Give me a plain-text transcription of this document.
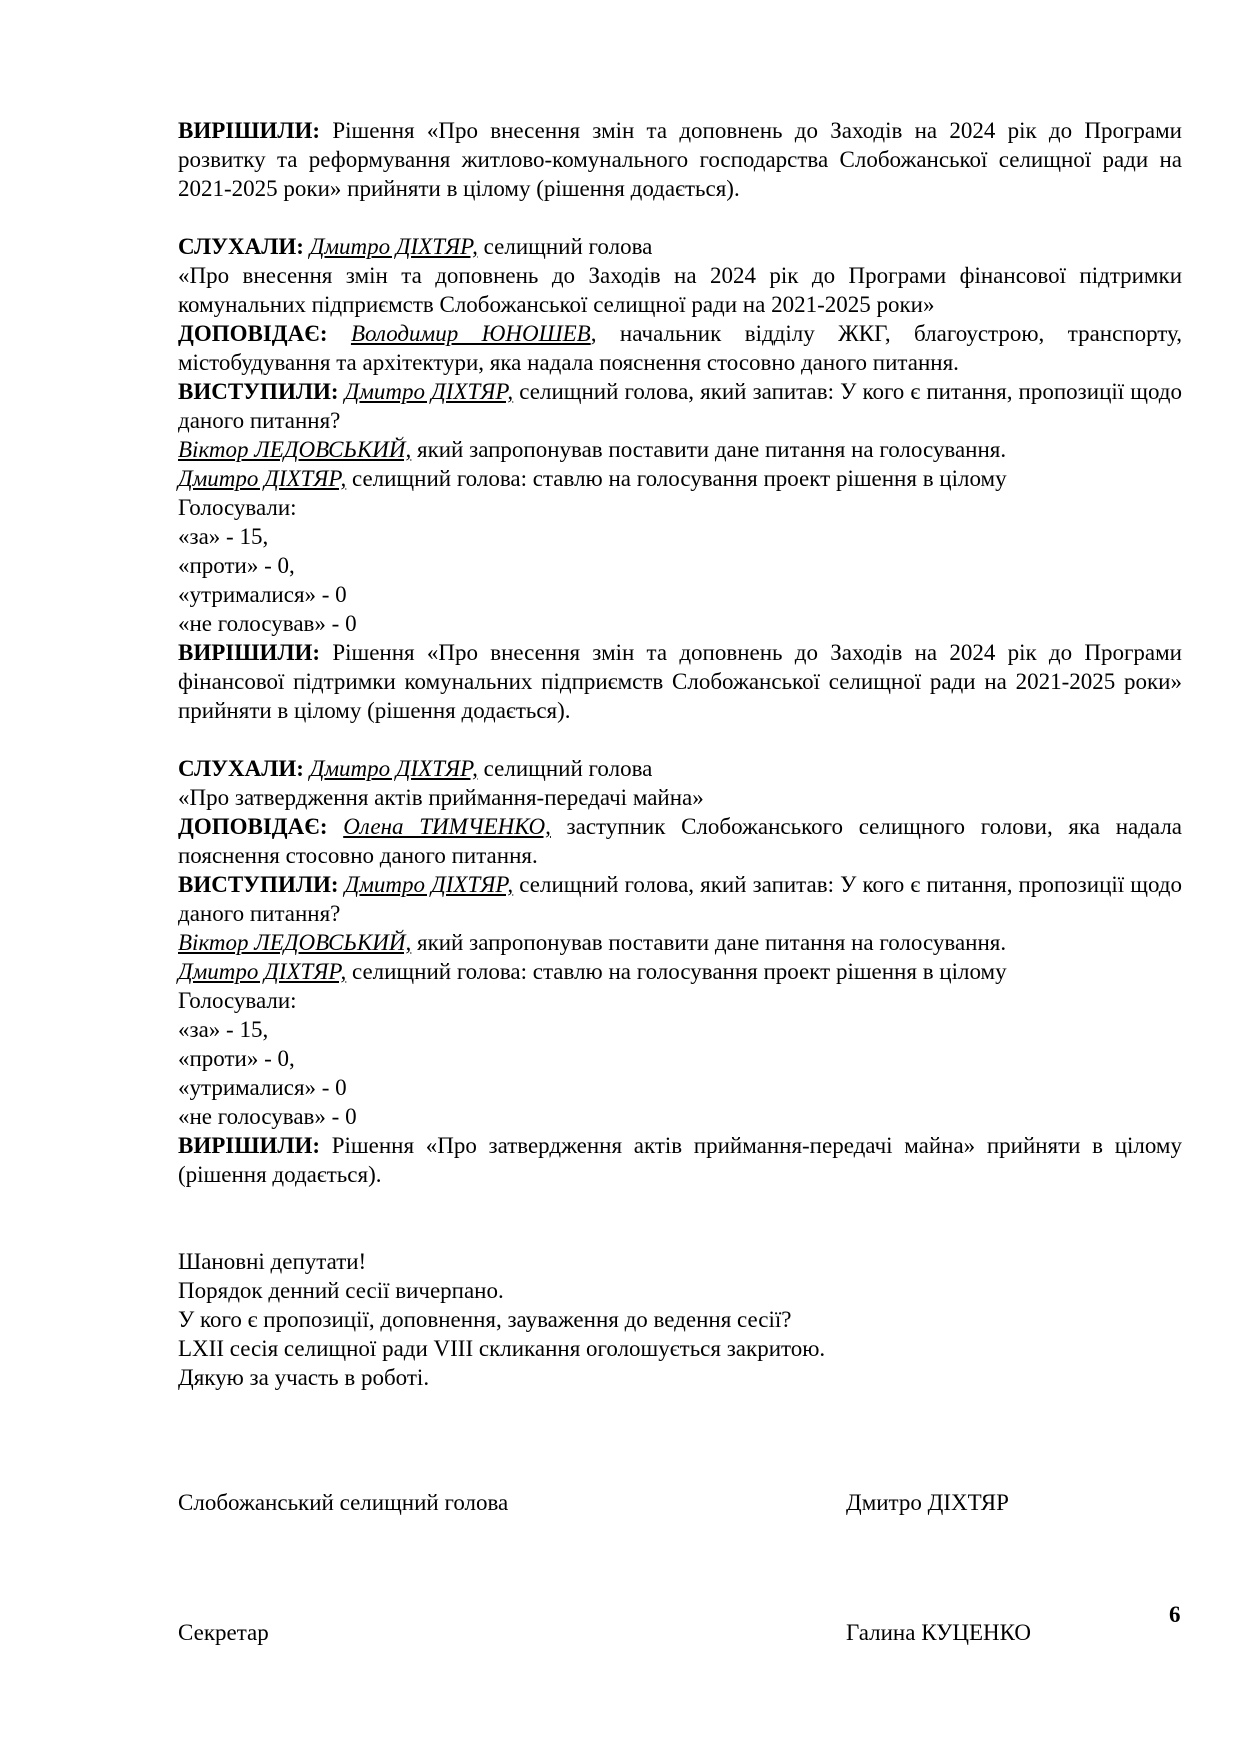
ВИРІШИЛИ: Рішення «Про внесення змін та доповнень до Заходів на 2024 рік до Програми розвитку та реформування житлово-комунального господарства Слобожанської селищної ради на 2021-2025 роки» прийняти в цілому (рішення додається).

СЛУХАЛИ: Дмитро ДІХТЯР, селищний голова

«Про внесення змін та доповнень до Заходів на 2024 рік до Програми фінансової підтримки комунальних підприємств Слобожанської селищної ради на 2021-2025 роки»

ДОПОВІДАЄ: Володимир ЮНОШЕВ, начальник відділу ЖКГ, благоустрою, транспорту, містобудування та архітектури, яка надала пояснення стосовно даного питання.

ВИСТУПИЛИ: Дмитро ДІХТЯР, селищний голова, який запитав: У кого є питання, пропозиції щодо даного питання?

Віктор ЛЕДОВСЬКИЙ, який запропонував поставити дане питання на голосування.

Дмитро ДІХТЯР, селищний голова: ставлю на голосування проект рішення в цілому

Голосували:

«за» - 15,

«проти» - 0,

«утрималися» - 0

«не голосував» - 0

ВИРІШИЛИ: Рішення «Про внесення змін та доповнень до Заходів на 2024 рік до Програми фінансової підтримки комунальних підприємств Слобожанської селищної ради на 2021-2025 роки» прийняти в цілому (рішення додається).

СЛУХАЛИ: Дмитро ДІХТЯР, селищний голова

«Про затвердження актів приймання-передачі майна»

ДОПОВІДАЄ: Олена ТИМЧЕНКО, заступник Слобожанського селищного голови, яка надала пояснення стосовно даного питання.

ВИСТУПИЛИ: Дмитро ДІХТЯР, селищний голова, який запитав: У кого є питання, пропозиції щодо даного питання?

Віктор ЛЕДОВСЬКИЙ, який запропонував поставити дане питання на голосування.

Дмитро ДІХТЯР, селищний голова: ставлю на голосування проект рішення в цілому

Голосували:

«за» - 15,

«проти» - 0,

«утрималися» - 0

«не голосував» - 0

ВИРІШИЛИ: Рішення «Про затвердження актів приймання-передачі майна» прийняти в цілому (рішення додається).

Шановні депутати!

Порядок денний сесії вичерпано.

У кого є пропозиції, доповнення, зауваження до ведення сесії?

LXII сесія селищної ради VIII скликання оголошується закритою.

Дякую за участь в роботі.

Слобожанський селищний голова	Дмитро ДІХТЯР
Секретар	Галина КУЦЕНКО
6
